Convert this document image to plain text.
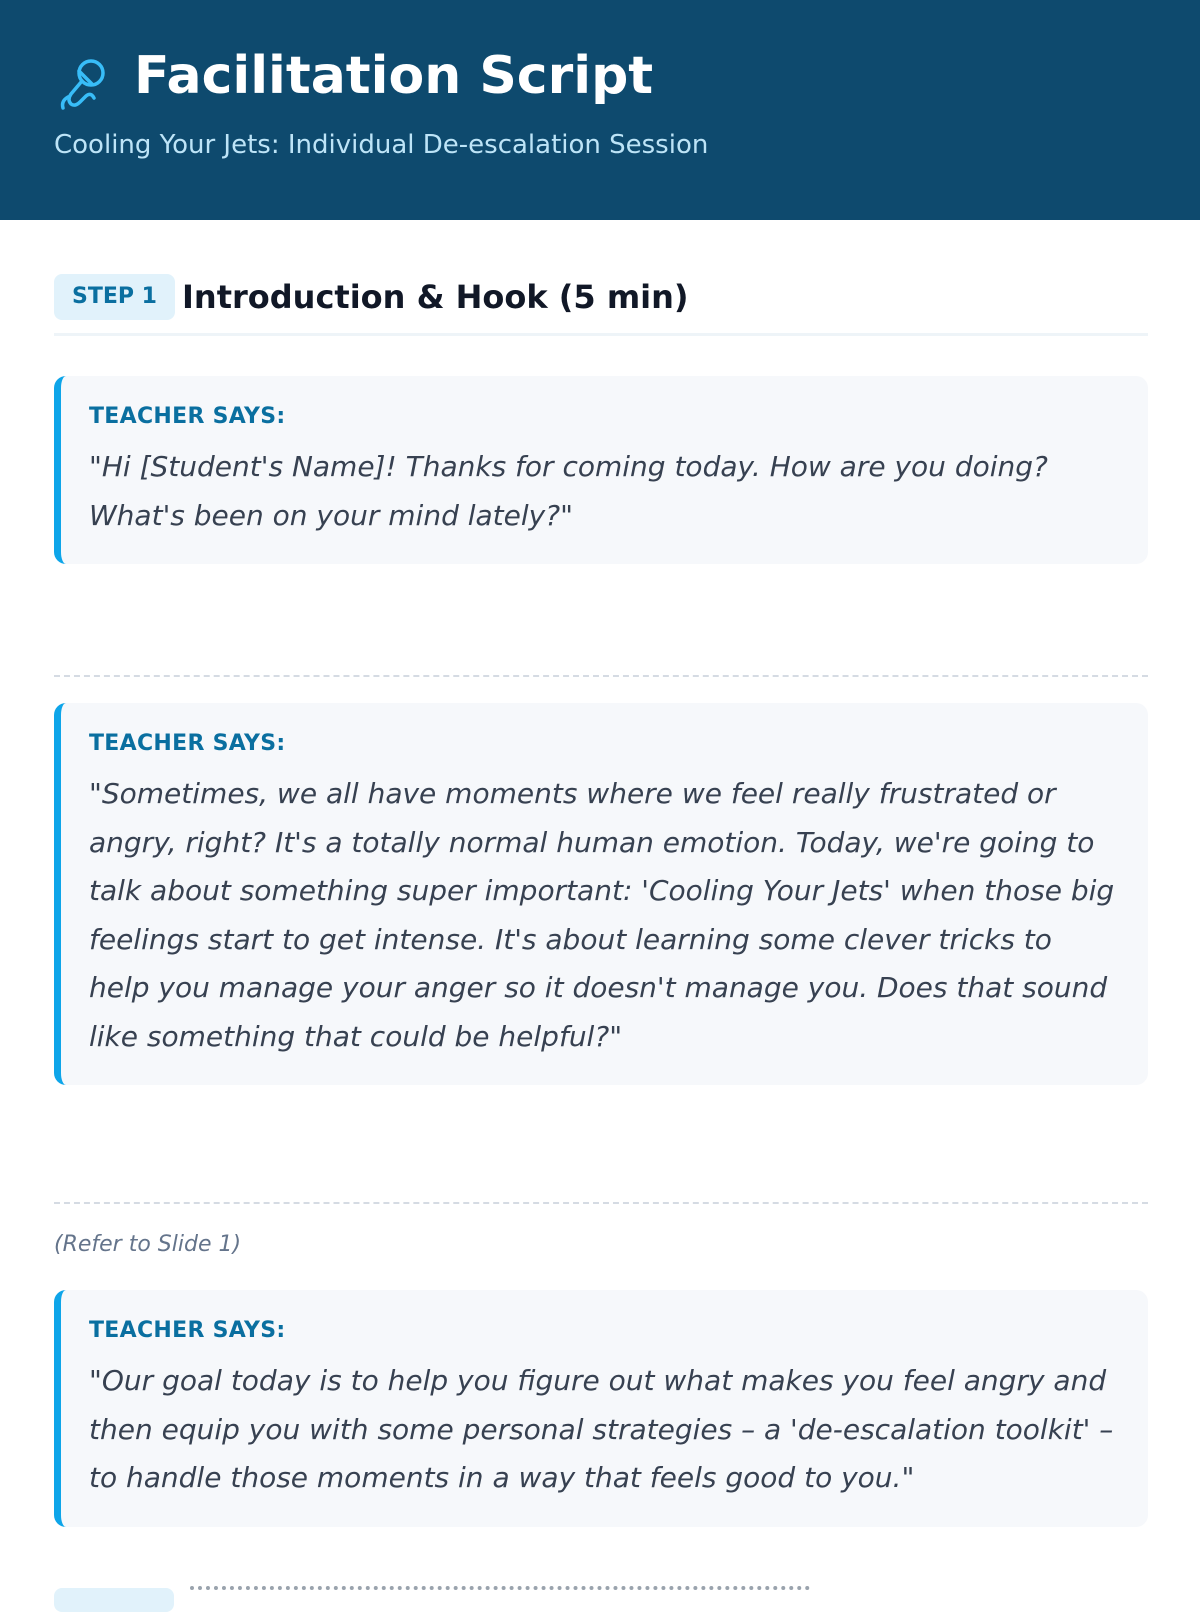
Facilitation Script
Cooling Your Jets: Individual De-escalation Session
STEP 1 Introduction & Hook (5 min)
TEACHER SAYS:
"Hi [Student's Name]! Thanks for coming today. How are you doing? What's been on your mind lately?"
TEACHER SAYS:
"Sometimes, we all have moments where we feel really frustrated or angry, right? It's a totally normal human emotion. Today, we're going to talk about something super important: 'Cooling Your Jets' when those big feelings start to get intense. It's about learning some clever tricks to help you manage your anger so it doesn't manage you. Does that sound like something that could be helpful?"
(Refer to Slide 1)
TEACHER SAYS:
"Our goal today is to help you figure out what makes you feel angry and then equip you with some personal strategies – a 'de-escalation toolkit' – to handle those moments in a way that feels good to you."
